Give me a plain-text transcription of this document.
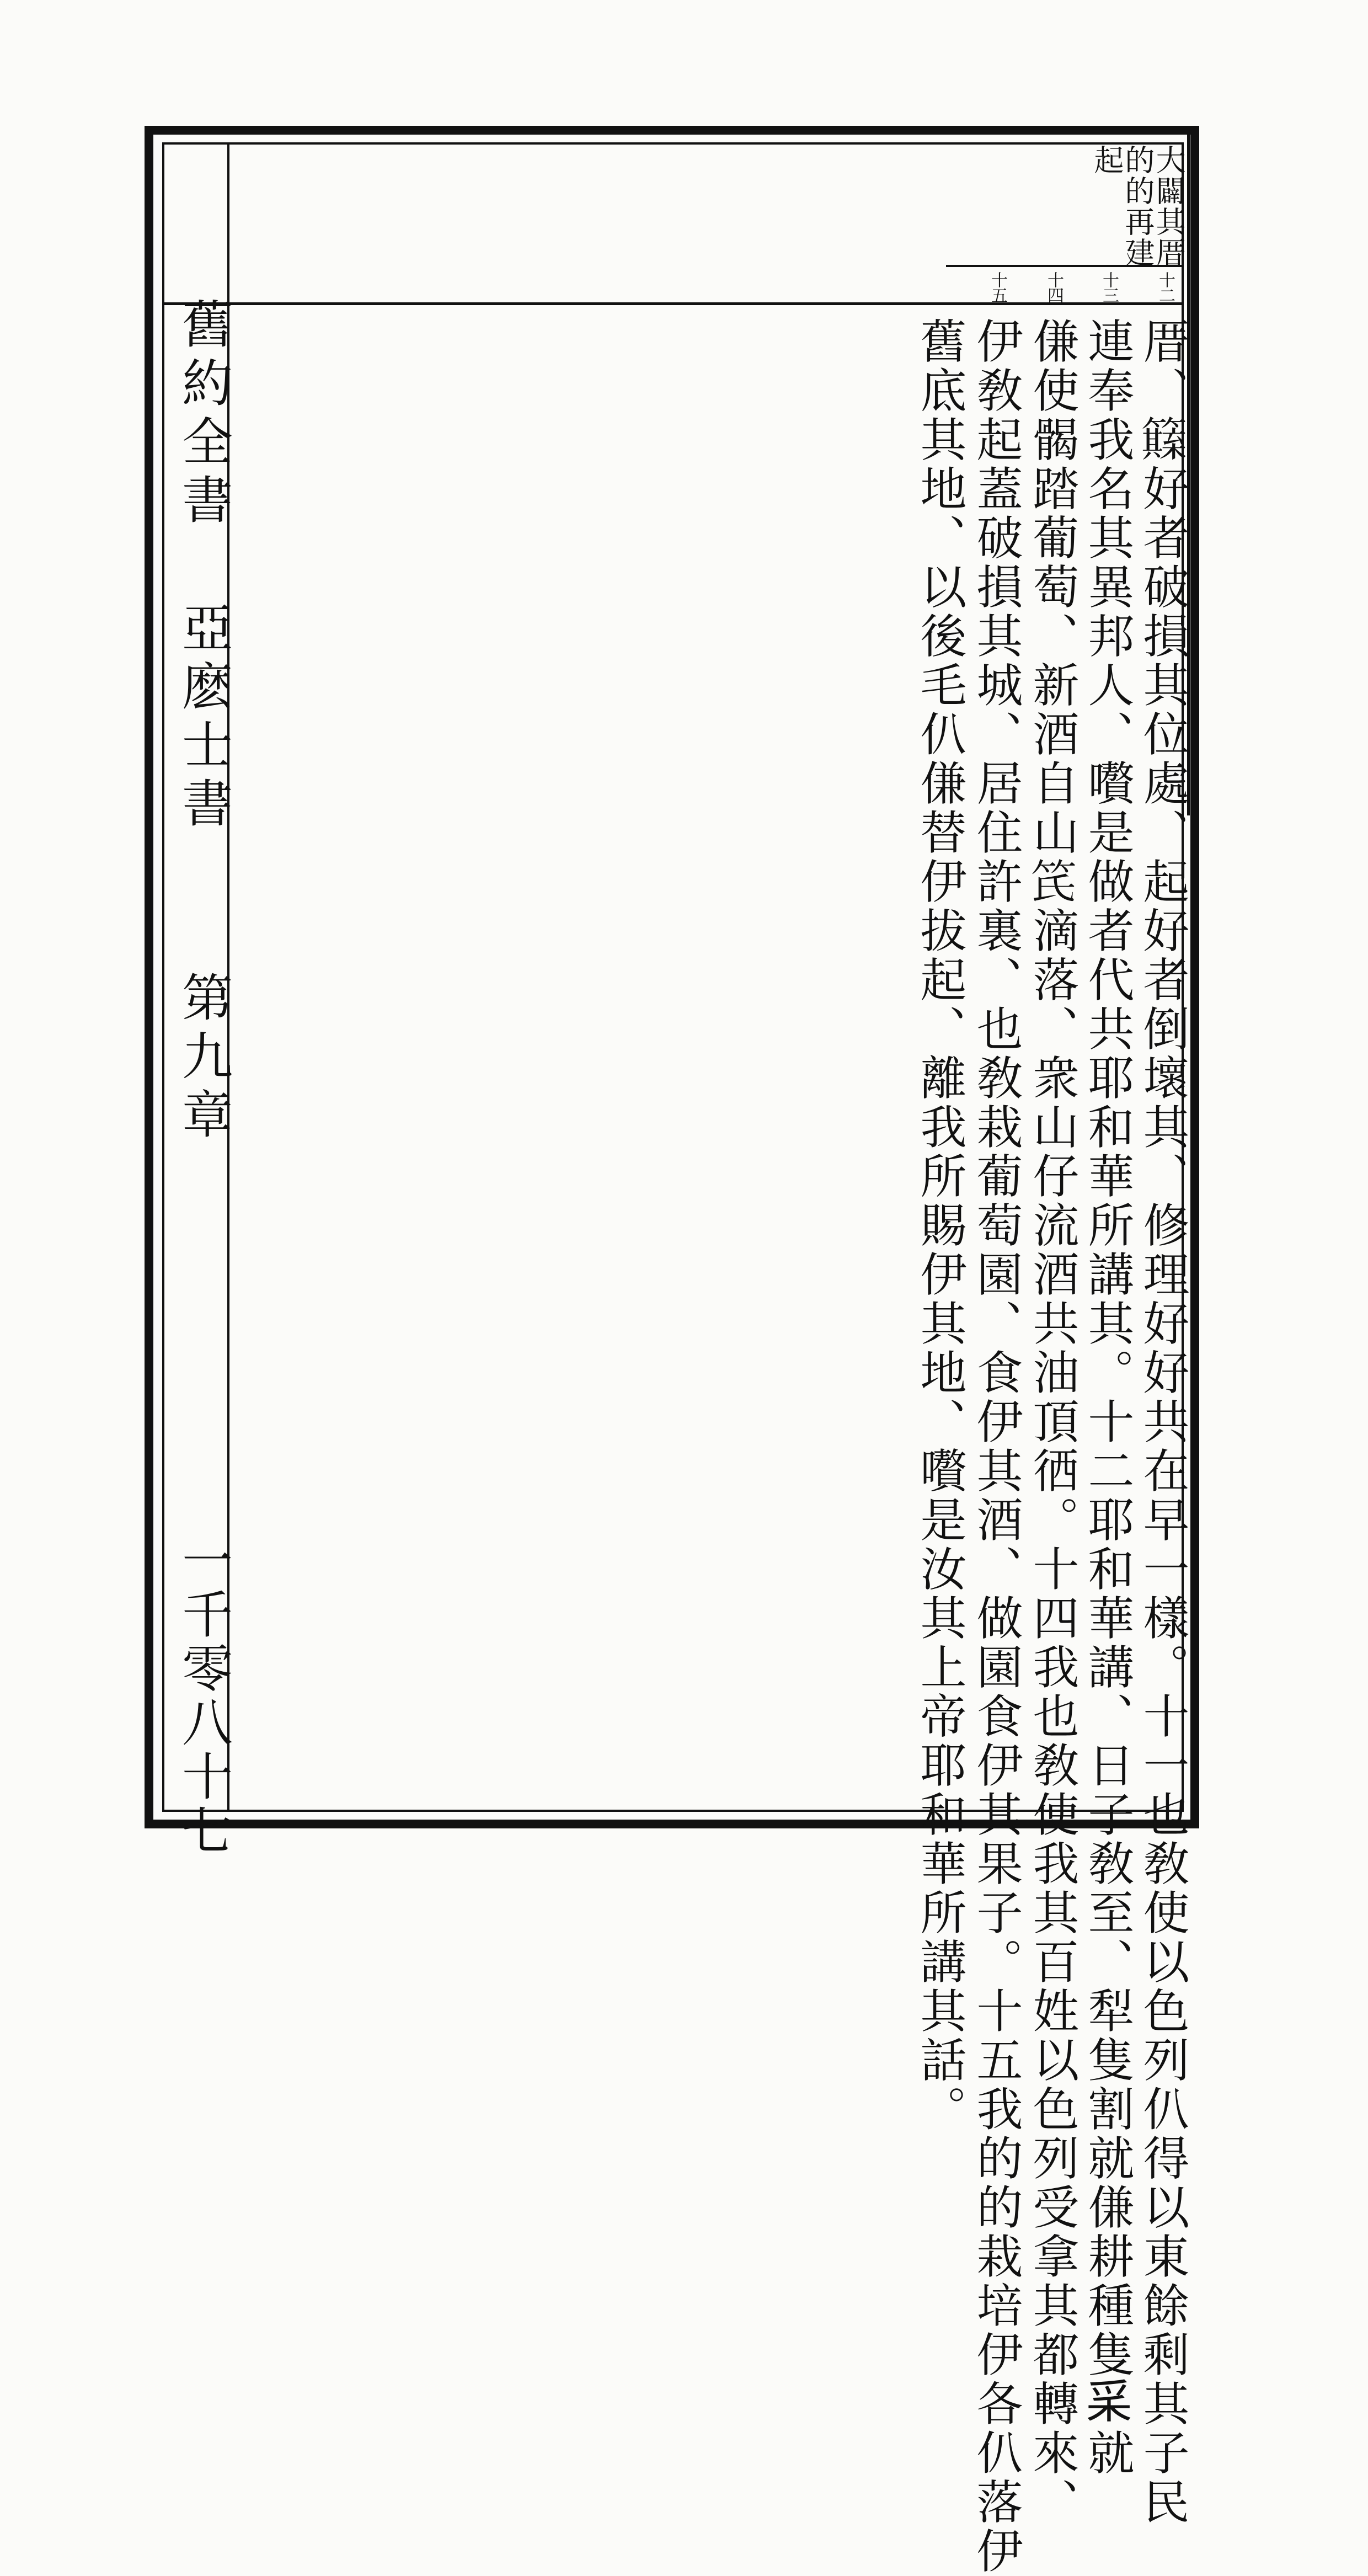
舊約全書
亞麽士書
第九章
一千零八十七
大闢其厝
的的再建
起
十二
十三
十四
十五
厝、𥶺好者破損其位處、起好者倒壞其、修理好好共在早一樣。十一也敎使以色列仈得以東餘剩其子民
連奉我名其異邦人、嚽是做者代共耶和華所講其。十二耶和華講、日子敎至、犁隻割就傔耕種隻𥝩就
傔使𩩲踏葡萄、新酒自山𥫽滴落、衆山仔流酒共油頂徆。十四我也敎使我其百姓以色列受拿其都轉來、
伊敎起蓋破損其城、居住許裏、也敎栽葡萄園、食伊其酒、做園食伊其果子。十五我的的栽培伊各仈落伊
舊底其地、以後毛仈傔替伊拔起、離我所賜伊其地、嚽是汝其上帝耶和華所講其話。
